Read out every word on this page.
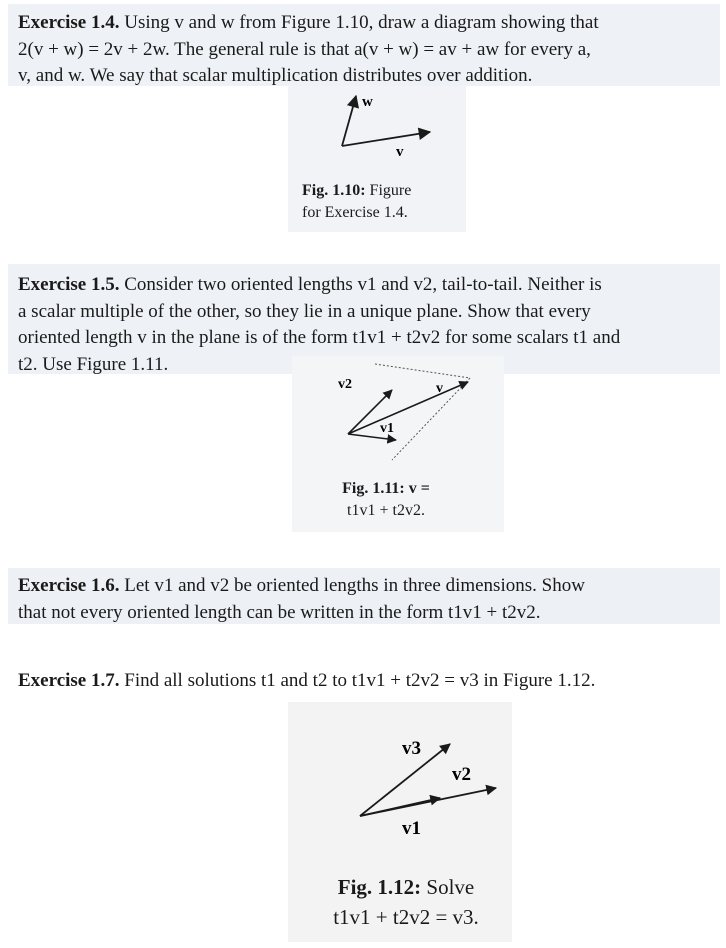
Exercise 1.4. Using v and w from Figure 1.10, draw a diagram showing that
2(v + w) = 2v + 2w. The general rule is that a(v + w) = av + aw for every a,
v, and w. We say that scalar multiplication distributes over addition.
w
v
Fig. 1.10: Figure
for Exercise 1.4.
Exercise 1.5. Consider two oriented lengths v1 and v2, tail-to-tail. Neither is
a scalar multiple of the other, so they lie in a unique plane. Show that every
oriented length v in the plane is of the form t1v1 + t2v2 for some scalars t1 and
t2. Use Figure 1.11.
v2	v
v1
Fig. 1.11: v =
t1v1 + t2v2.
Exercise 1.6. Let v1 and v2 be oriented lengths in three dimensions. Show
that not every oriented length can be written in the form t1v1 + t2v2.
Exercise 1.7. Find all solutions t1 and t2 to t1v1 + t2v2 = v3 in Figure 1.12.
v3
v2
v1
Fig. 1.12: Solve
t1v1 + t2v2 = v3.
